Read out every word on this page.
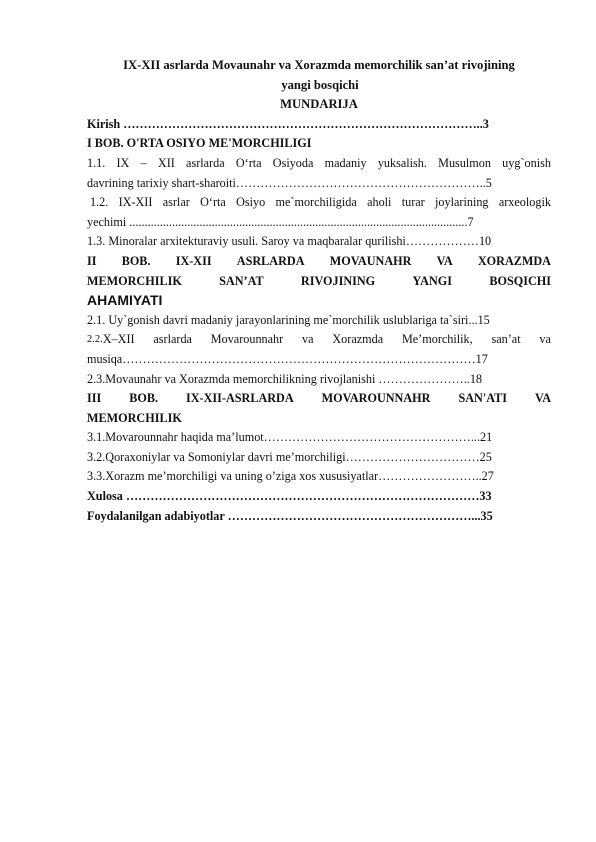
IX-XII asrlarda Movaunahr va Xorazmda memorchilik san’at rivojining
yangi bosqichi
MUNDARIJA
Kirish ……………………………………………………………………………..3
I BOB. O'RTA OSIYO ME'MORCHILIGI
1.1. IX – XII asrlarda O‘rta Osiyoda madaniy yuksalish. Musulmon uyg`onish
davrining tarixiy shart-sharoiti……………………………………………………..5
1.2. IX-XII asrlar O‘rta Osiyo me`morchiligida aholi turar joylarining arxeologik
yechimi ...............................................................................................................7
1.3. Minoralar arxitekturaviy usuli. Saroy va maqbaralar qurilishi………………10
II BOB. IX-XII ASRLARDA MOVAUNAHR VA XORAZMDA
MEMORCHILIK	SAN’AT	RIVOJINING	YANGI	BOSQICHI
AHAMIYATI
2.1. Uy`gonish davri madaniy jarayonlarining me`morchilik uslublariga ta`siri...15
2.2. X–XII asrlarda Movarounnahr va Xorazmda Me’morchilik, san’at va
musiqa……………………………………………………………………………17
2.3.Movaunahr va Xorazmda memorchilikning rivojlanishi …………………..18
III BOB. IX-XII-ASRLARDA MOVAROUNNAHR SAN'ATI VA
MEMORCHILIK
3.1.Movarounnahr haqida ma’lumot……………………………………………...21
3.2.Qoraxoniylar va Somoniylar davri me’morchiligi……………………………25
3.3.Xorazm me’morchiligi va uning o’ziga xos xususiyatlar……………………..27
Xulosa ……………………………………………………………………………33
Foydalanilgan adabiyotlar ……………………………………………………...35
